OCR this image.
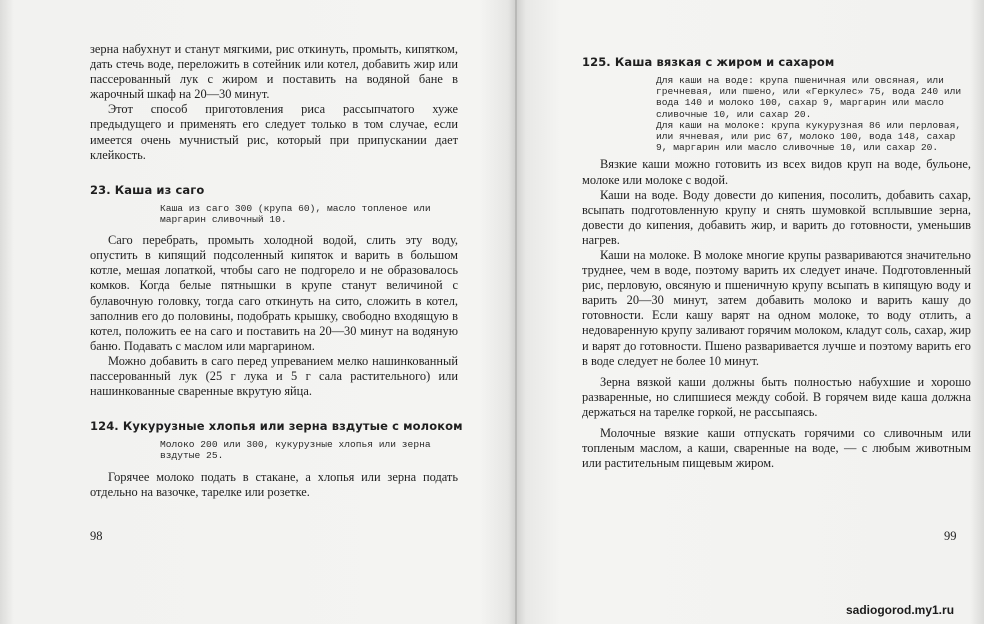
зерна набухнут и станут мягкими, рис откинуть, промыть, кипятком, дать стечь воде, переложить в сотейник или котел, добавить жир или пассерованный лук с жиром и поставить на водяной бане в жарочный шкаф на 20—30 минут.

Этот способ приготовления риса рассыпчатого хуже предыдущего и применять его следует только в том случае, если имеется очень мучнистый рис, который при припускании дает клейкость.

23. Каша из саго
Каша из саго 300 (крупа 60), масло топленое или маргарин сливочный 10.

Саго перебрать, промыть холодной водой, слить эту воду, опустить в кипящий подсоленный кипяток и варить в большом котле, мешая лопаткой, чтобы саго не подгорело и не образовалось комков. Когда белые пятнышки в крупе станут величиной с булавочную головку, тогда саго откинуть на сито, сложить в котел, заполнив его до половины, подобрать крышку, свободно входящую в котел, положить ее на саго и поставить на 20—30 минут на водяную баню. Подавать с маслом или маргарином.

Можно добавить в саго перед упреванием мелко нашинкованный пассерованный лук (25 г лука и 5 г сала растительного) или нашинкованные сваренные вкрутую яйца.

124. Кукурузные хлопья или зерна вздутые с молоком
Молоко 200 или 300, кукурузные хлопья или зерна вздутые 25.

Горячее молоко подать в стакане, а хлопья или зерна подать отдельно на вазочке, тарелке или розетке.

98
125. Каша вязкая с жиром и сахаром
Для каши на воде: крупа пшеничная или овсяная, или гречневая, или пшено, или «Геркулес» 75, вода 240 или вода 140 и молоко 100, сахар 9, маргарин или масло сливочные 10, или сахар 20.
Для каши на молоке: крупа кукурузная 86 или перловая, или ячневая, или рис 67, молоко 100, вода 148, сахар 9, маргарин или масло сливочные 10, или сахар 20.

Вязкие каши можно готовить из всех видов круп на воде, бульоне, молоке или молоке с водой.

Каши на воде. Воду довести до кипения, посолить, добавить сахар, всыпать подготовленную крупу и снять шумовкой всплывшие зерна, довести до кипения, добавить жир, и варить до готовности, уменьшив нагрев.

Каши на молоке. В молоке многие крупы развариваются значительно труднее, чем в воде, поэтому варить их следует иначе. Подготовленный рис, перловую, овсяную и пшеничную крупу всыпать в кипящую воду и варить 20—30 минут, затем добавить молоко и варить кашу до готовности. Если кашу варят на одном молоке, то воду отлить, а недоваренную крупу заливают горячим молоком, кладут соль, сахар, жир и варят до готовности. Пшено разваривается лучше и поэтому варить его в воде следует не более 10 минут.

Зерна вязкой каши должны быть полностью набухшие и хорошо разваренные, но слипшиеся между собой. В горячем виде каша должна держаться на тарелке горкой, не рассыпаясь.

Молочные вязкие каши отпускать горячими со сливочным или топленым маслом, а каши, сваренные на воде, — с любым животным или растительным пищевым жиром.

99
sadiogorod.my1.ru
